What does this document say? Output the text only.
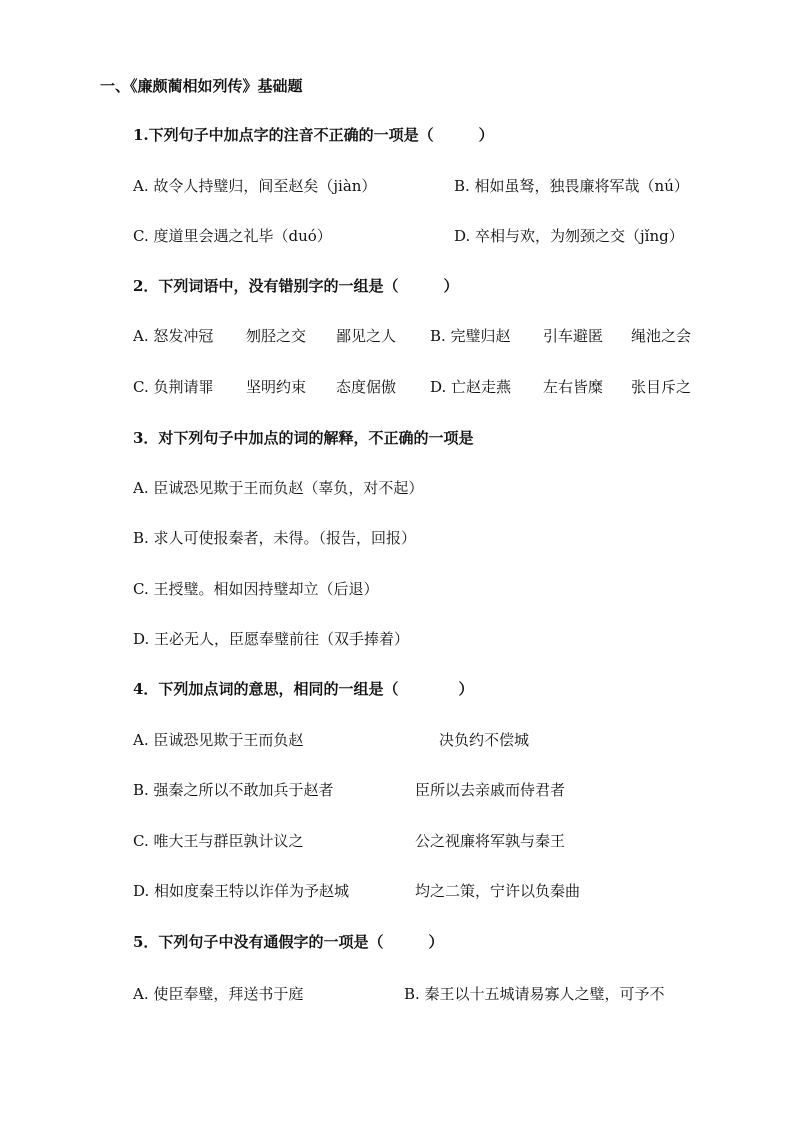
一、《廉颇蔺相如列传》基础题
1.下列句子中加点字的注音不正确的一项是（　　　）
A. 故令人持璧归，间至赵矣（jiàn）	B. 相如虽驽，独畏廉将军哉（nú）
C. 度道里会遇之礼毕（duó）	D. 卒相与欢，为刎颈之交（jǐng）
2．下列词语中，没有错别字的一组是（　　　）
A. 怒发冲冠 刎胫之交 鄙见之人 B. 完璧归赵 引车避匿 绳池之会
C. 负荆请罪 坚明约束 态度倨傲 D. 亡赵走燕 左右皆糜 张目斥之
3．对下列句子中加点的词的解释，不正确的一项是
A. 臣诚恐见欺于王而负赵（辜负，对不起）
B. 求人可使报秦者，未得。（报告，回报）
C. 王授璧。相如因持璧却立（后退）
D. 王必无人，臣愿奉璧前往（双手捧着）
4．下列加点词的意思，相同的一组是（　　　　）
A. 臣诚恐见欺于王而负赵	决负约不偿城
B. 强秦之所以不敢加兵于赵者	臣所以去亲戚而侍君者
C. 唯大王与群臣孰计议之	公之视廉将军孰与秦王
D. 相如度秦王特以诈佯为予赵城	均之二策，宁许以负秦曲
5．下列句子中没有通假字的一项是（　　　）
A. 使臣奉璧，拜送书于庭	B. 秦王以十五城请易寡人之璧，可予不
